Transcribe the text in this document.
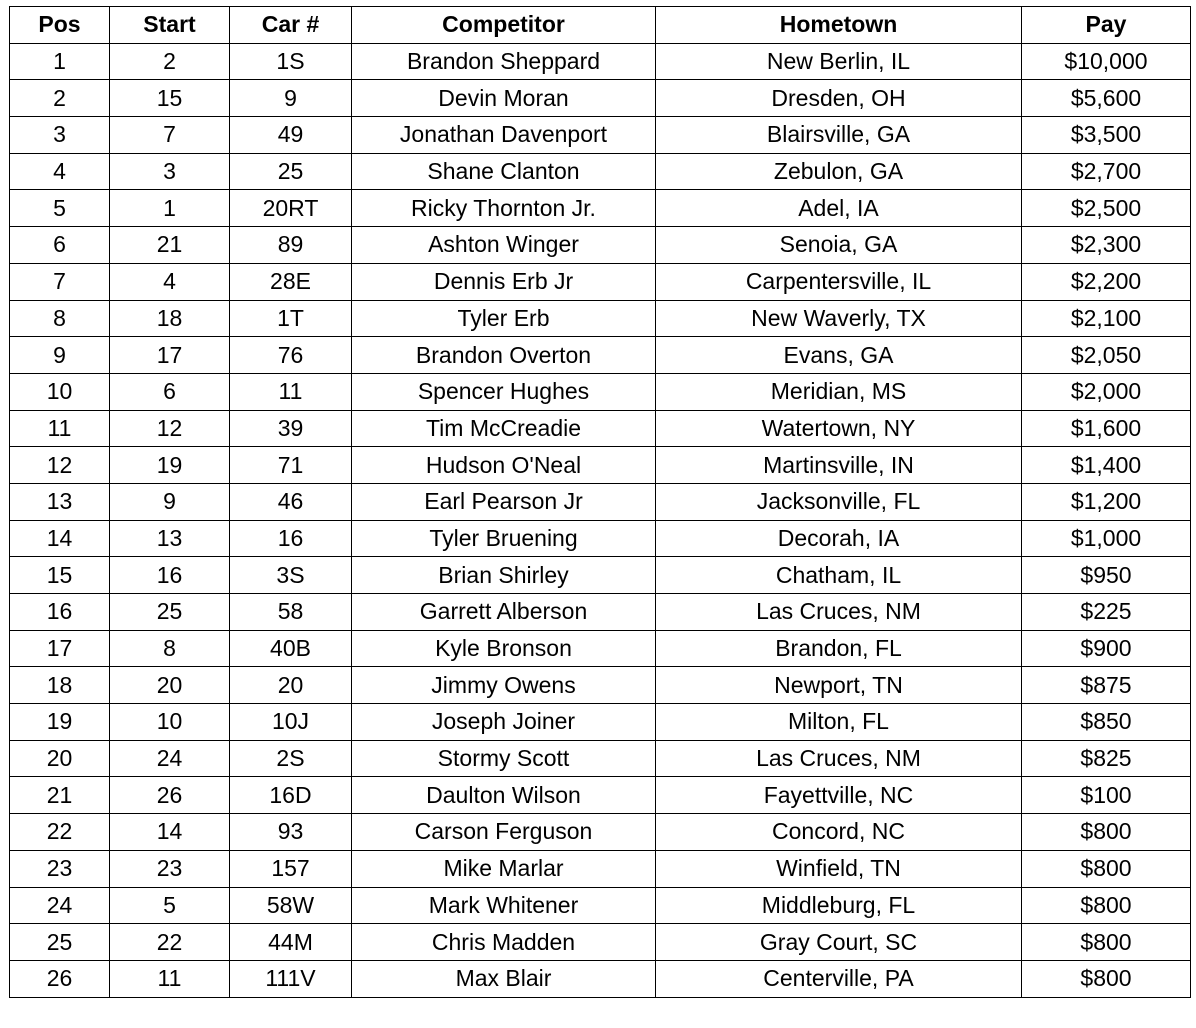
Pos	Start	Car #	Competitor	Hometown	Pay
1	2	1S	Brandon Sheppard	New Berlin, IL	$10,000
2	15	9	Devin Moran	Dresden, OH	$5,600
3	7	49	Jonathan Davenport	Blairsville, GA	$3,500
4	3	25	Shane Clanton	Zebulon, GA	$2,700
5	1	20RT	Ricky Thornton Jr.	Adel, IA	$2,500
6	21	89	Ashton Winger	Senoia, GA	$2,300
7	4	28E	Dennis Erb Jr	Carpentersville, IL	$2,200
8	18	1T	Tyler Erb	New Waverly, TX	$2,100
9	17	76	Brandon Overton	Evans, GA	$2,050
10	6	11	Spencer Hughes	Meridian, MS	$2,000
11	12	39	Tim McCreadie	Watertown, NY	$1,600
12	19	71	Hudson O'Neal	Martinsville, IN	$1,400
13	9	46	Earl Pearson Jr	Jacksonville, FL	$1,200
14	13	16	Tyler Bruening	Decorah, IA	$1,000
15	16	3S	Brian Shirley	Chatham, IL	$950
16	25	58	Garrett Alberson	Las Cruces, NM	$225
17	8	40B	Kyle Bronson	Brandon, FL	$900
18	20	20	Jimmy Owens	Newport, TN	$875
19	10	10J	Joseph Joiner	Milton, FL	$850
20	24	2S	Stormy Scott	Las Cruces, NM	$825
21	26	16D	Daulton Wilson	Fayettville, NC	$100
22	14	93	Carson Ferguson	Concord, NC	$800
23	23	157	Mike Marlar	Winfield, TN	$800
24	5	58W	Mark Whitener	Middleburg, FL	$800
25	22	44M	Chris Madden	Gray Court, SC	$800
26	11	111V	Max Blair	Centerville, PA	$800
